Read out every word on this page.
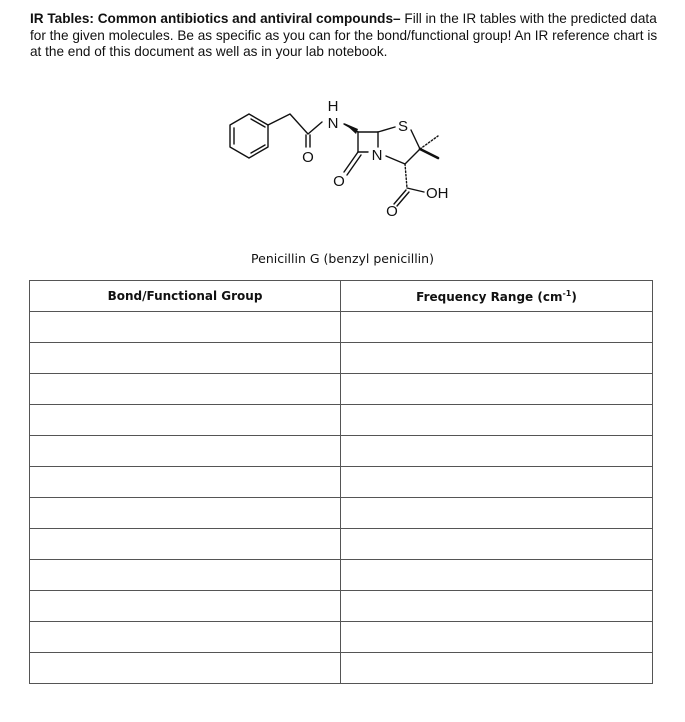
IR Tables: Common antibiotics and antiviral compounds– Fill in the IR tables with the predicted data for the given molecules. Be as specific as you can for the bond/functional group! An IR reference chart is at the end of this document as well as in your lab notebook.
H
N	S
N
O
O
O
OH
Penicillin G (benzyl penicillin)
Bond/Functional Group	Frequency Range $(cm^{-1})$
